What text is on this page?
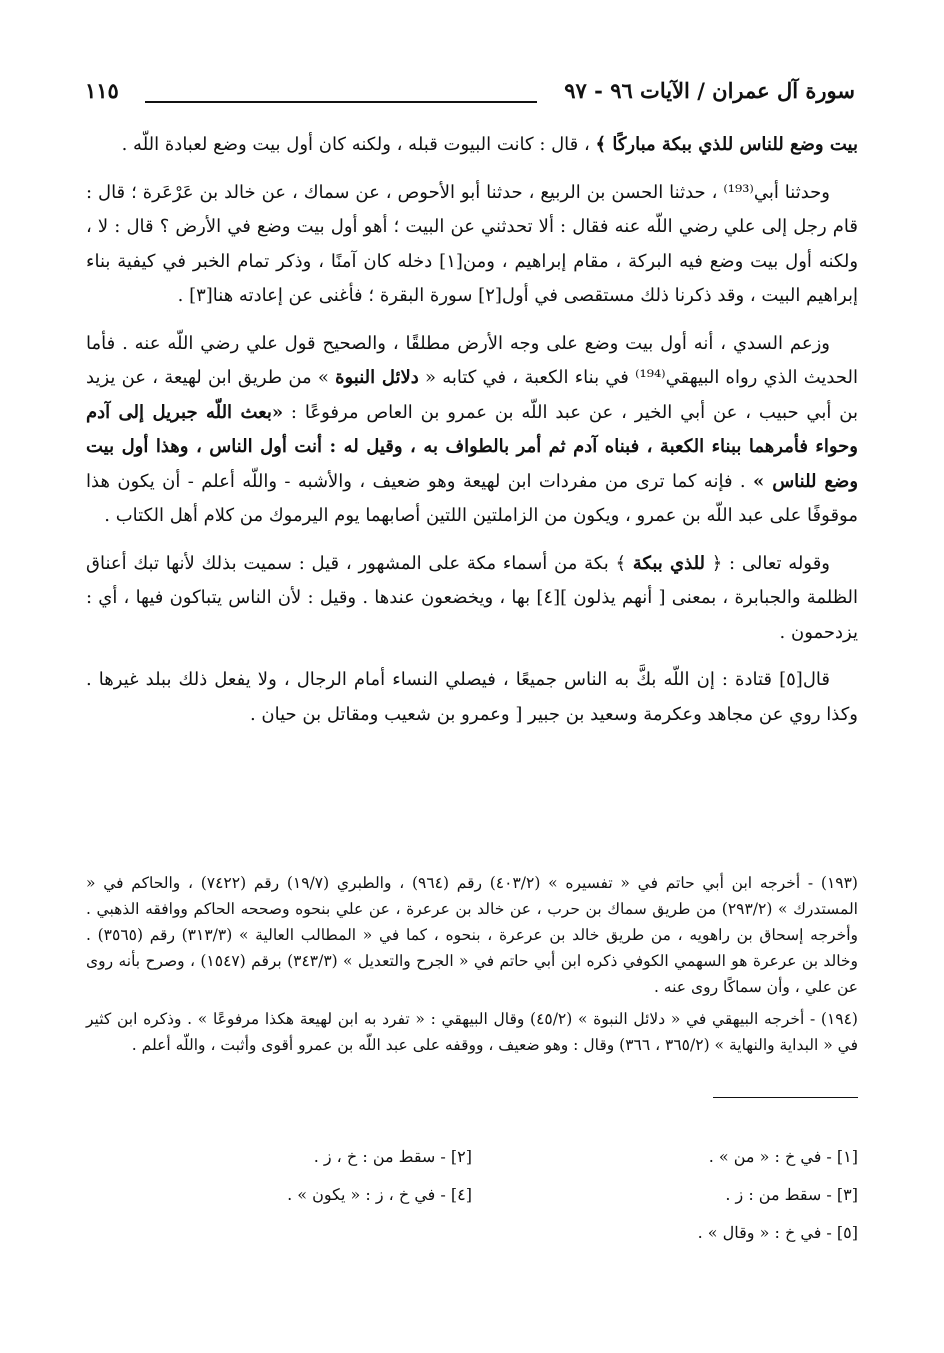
سورة آل عمران / الآيات ٩٦ - ٩٧
١١٥

بيت وضع للناس للذي ببكة مباركًا ﴾ ، قال : كانت البيوت قبله ، ولكنه كان أول بيت وضع لعبادة اللّه .

وحدثنا أبي⁽¹⁹³⁾ ، حدثنا الحسن بن الربيع ، حدثنا أبو الأحوص ، عن سماك ، عن خالد بن عَرْعَرة ؛ قال : قام رجل إلى علي رضي اللّه عنه فقال : ألا تحدثني عن البيت ؛ أهو أول بيت وضع في الأرض ؟ قال : لا ، ولكنه أول بيت وضع فيه البركة ، مقام إبراهيم ، ومن[١] دخله كان آمنًا ، وذكر تمام الخبر في كيفية بناء إبراهيم البيت ، وقد ذكرنا ذلك مستقصى في أول[٢] سورة البقرة ؛ فأغنى عن إعادته هنا[٣] .

وزعم السدي ، أنه أول بيت وضع على وجه الأرض مطلقًا ، والصحيح قول علي رضي اللّه عنه . فأما الحديث الذي رواه البيهقي⁽¹⁹⁴⁾ في بناء الكعبة ، في كتابه « دلائل النبوة » من طريق ابن لهيعة ، عن يزيد بن أبي حبيب ، عن أبي الخير ، عن عبد اللّه بن عمرو بن العاص مرفوعًا : «بعث اللّه جبريل إلى آدم وحواء فأمرهما ببناء الكعبة ، فبناه آدم ثم أمر بالطواف به ، وقيل له : أنت أول الناس ، وهذا أول بيت وضع للناس » . فإنه كما ترى من مفردات ابن لهيعة وهو ضعيف ، والأشبه - واللّه أعلم - أن يكون هذا موقوفًا على عبد اللّه بن عمرو ، ويكون من الزاملتين اللتين أصابهما يوم اليرموك من كلام أهل الكتاب .

وقوله تعالى : ﴿ للذي ببكة ﴾ بكة من أسماء مكة على المشهور ، قيل : سميت بذلك لأنها تبك أعناق الظلمة والجبابرة ، بمعنى [ أنهم يذلون ][٤] بها ، ويخضعون عندها . وقيل : لأن الناس يتباكون فيها ، أي : يزدحمون .

قال[٥] قتادة : إن اللّه بكَّ به الناس جميعًا ، فيصلي النساء أمام الرجال ، ولا يفعل ذلك ببلد غيرها . وكذا روي عن مجاهد وعكرمة وسعيد بن جبير [ وعمرو بن شعيب ومقاتل بن حيان .

(١٩٣) - أخرجه ابن أبي حاتم في « تفسيره » (٤٠٣/٢) رقم (٩٦٤) ، والطبري (١٩/٧) رقم (٧٤٢٢) ، والحاكم في « المستدرك » (٢٩٣/٢) من طريق سماك بن حرب ، عن خالد بن عرعرة ، عن علي بنحوه وصححه الحاكم ووافقه الذهبي . وأخرجه إسحاق بن راهويه ، من طريق خالد بن عرعرة ، بنحوه ، كما في « المطالب العالية » (٣١٣/٣) رقم (٣٥٦٥) . وخالد بن عرعرة هو السهمي الكوفي ذكره ابن أبي حاتم في « الجرح والتعديل » (٣٤٣/٣) برقم (١٥٤٧) ، وصرح بأنه روى عن علي ، وأن سماكًا روى عنه .

(١٩٤) - أخرجه البيهقي في « دلائل النبوة » (٤٥/٢) وقال البيهقي : « تفرد به ابن لهيعة هكذا مرفوعًا » . وذكره ابن كثير في « البداية والنهاية » (٣٦٥/٢ ، ٣٦٦) وقال : وهو ضعيف ، ووقفه على عبد اللّه بن عمرو أقوى وأثبت ، واللّه أعلم .

[١] - في خ : « من » .
[٢] - سقط من : خ ، ز .
[٣] - سقط من : ز .
[٤] - في خ ، ز : « يكون » .
[٥] - في خ : « وقال » .
